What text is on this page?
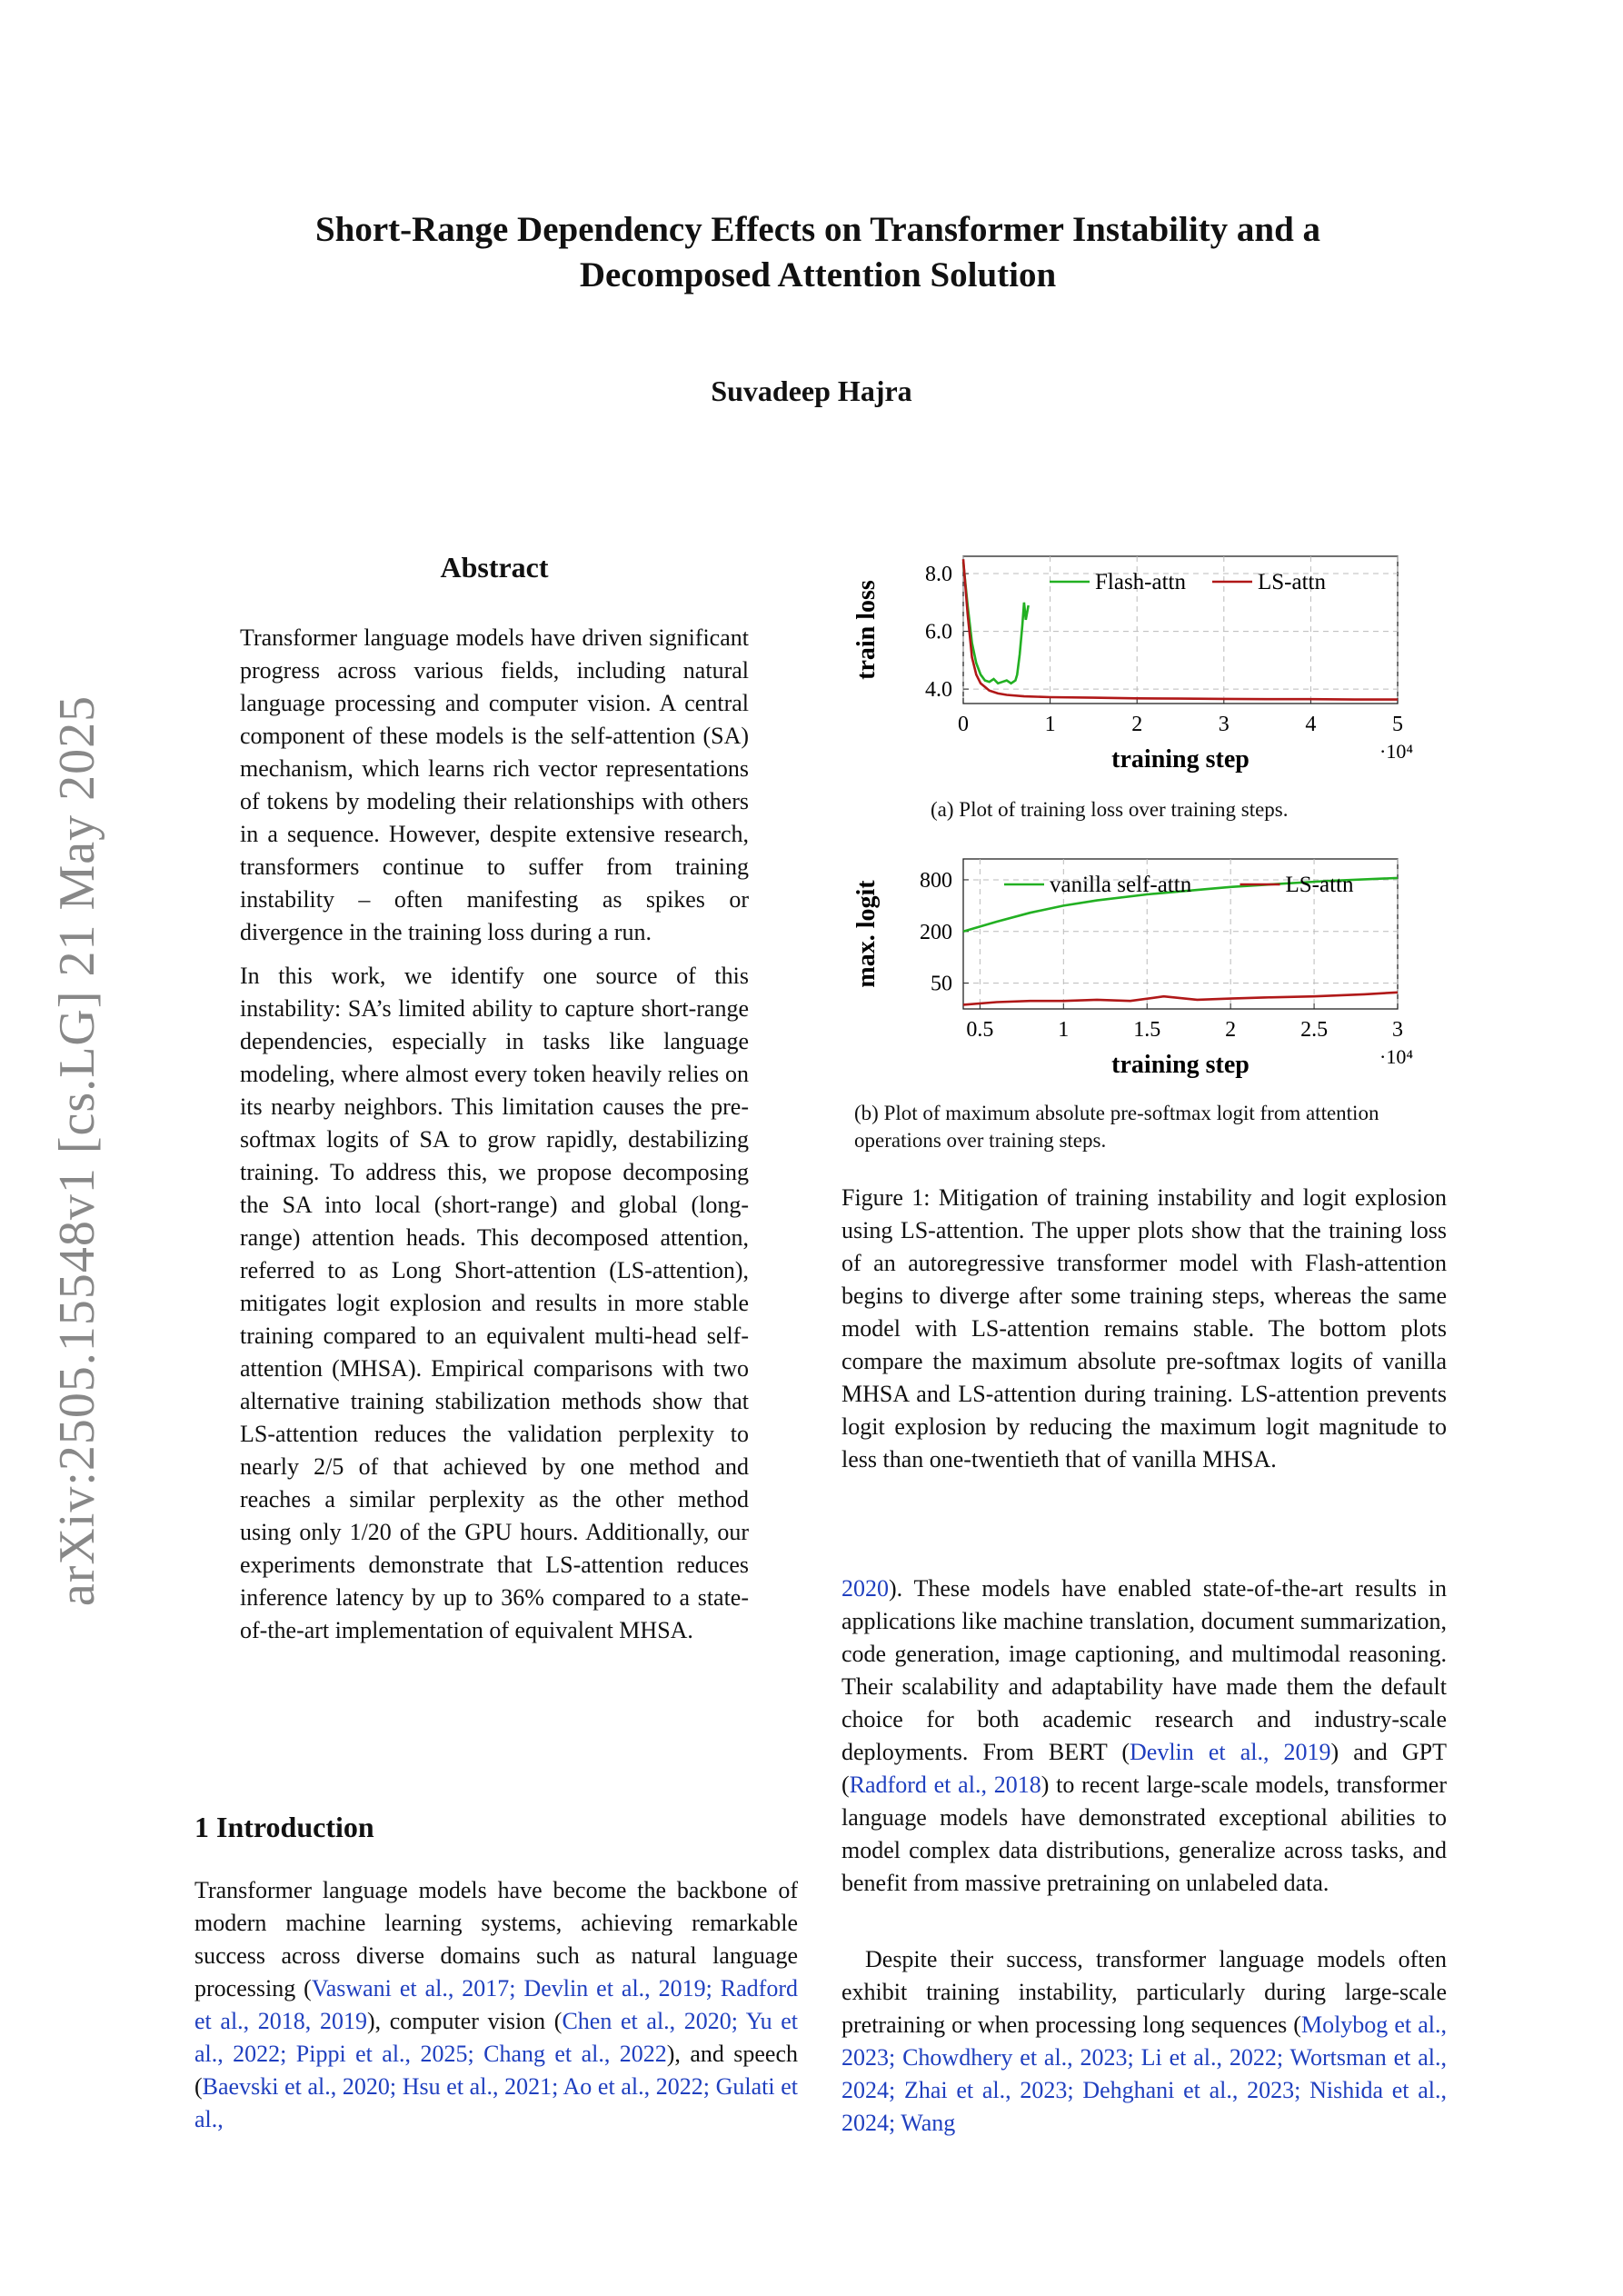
Short-Range Dependency Effects on Transformer Instability and a
Decomposed Attention Solution
Suvadeep Hajra
arXiv:2505.15548v1 [cs.LG] 21 May 2025
Abstract

Transformer language models have driven significant progress across various fields, including natural language processing and computer vision. A central component of these models is the self-attention (SA) mechanism, which learns rich vector representations of tokens by modeling their relationships with others in a sequence. However, despite extensive research, transformers continue to suffer from training instability – often manifesting as spikes or divergence in the training loss during a run.

In this work, we identify one source of this instability: SA’s limited ability to capture short-range dependencies, especially in tasks like language modeling, where almost every token heavily relies on its nearby neighbors. This limitation causes the pre-softmax logits of SA to grow rapidly, destabilizing training. To address this, we propose decomposing the SA into local (short-range) and global (long-range) attention heads. This decomposed attention, referred to as Long Short-attention (LS-attention), mitigates logit explosion and results in more stable training compared to an equivalent multi-head self-attention (MHSA). Empirical comparisons with two alternative training stabilization methods show that LS-attention reduces the validation perplexity to nearly 2/5 of that achieved by one method and reaches a similar perplexity as the other method using only 1/20 of the GPU hours. Additionally, our experiments demonstrate that LS-attention reduces inference latency by up to 36% compared to a state-of-the-art implementation of equivalent MHSA.

1 Introduction

Transformer language models have become the backbone of modern machine learning systems, achieving remarkable success across diverse domains such as natural language processing (Vaswani et al., 2017; Devlin et al., 2019; Radford et al., 2018, 2019), computer vision (Chen et al., 2020; Yu et al., 2022; Pippi et al., 2025; Chang et al., 2022), and speech (Baevski et al., 2020; Hsu et al., 2021; Ao et al., 2022; Gulati et al.,

0	1	2	3	4	5
4.0
6.0
8.0	Flash-attn	LS-attn
training step	·10⁴
train loss
(a) Plot of training loss over training steps.
0.5	1	1.5	2	2.5	3
50
200
800	vanilla self-attn	LS-attn
training step	·10⁴
max. logit
(b) Plot of maximum absolute pre-softmax logit from attention operations over training steps.

Figure 1: Mitigation of training instability and logit explosion using LS-attention. The upper plots show that the training loss of an autoregressive transformer model with Flash-attention begins to diverge after some training steps, whereas the same model with LS-attention remains stable. The bottom plots compare the maximum absolute pre-softmax logits of vanilla MHSA and LS-attention during training. LS-attention prevents logit explosion by reducing the maximum logit magnitude to less than one-twentieth that of vanilla MHSA.

2020). These models have enabled state-of-the-art results in applications like machine translation, document summarization, code generation, image captioning, and multimodal reasoning. Their scalability and adaptability have made them the default choice for both academic research and industry-scale deployments. From BERT (Devlin et al., 2019) and GPT (Radford et al., 2018) to recent large-scale models, transformer language models have demonstrated exceptional abilities to model complex data distributions, generalize across tasks, and benefit from massive pretraining on unlabeled data.

Despite their success, transformer language models often exhibit training instability, particularly during large-scale pretraining or when processing long sequences (Molybog et al., 2023; Chowdhery et al., 2023; Li et al., 2022; Wortsman et al., 2024; Zhai et al., 2023; Dehghani et al., 2023; Nishida et al., 2024; Wang
